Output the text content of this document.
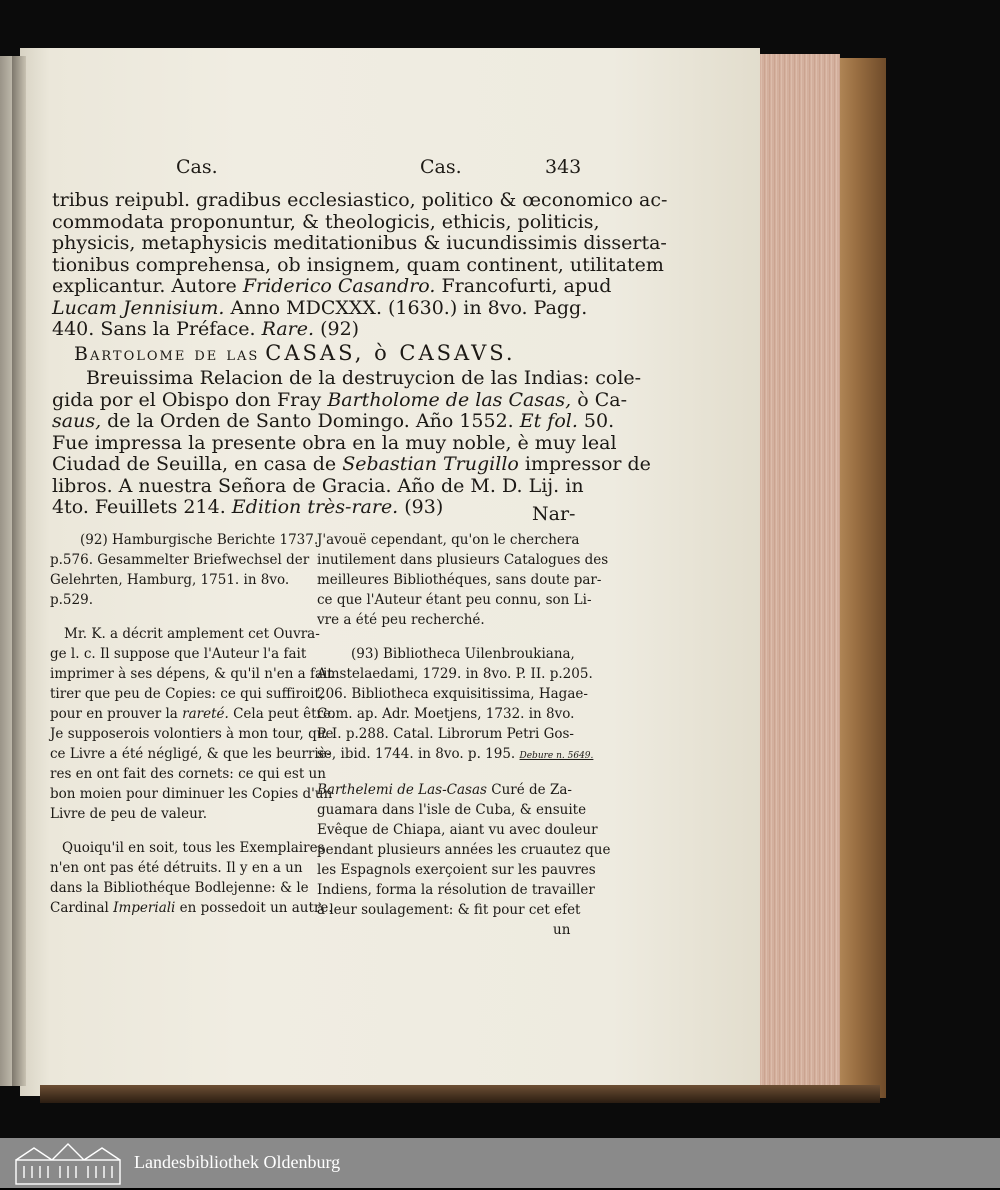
Cas.	Cas.	343
tribus reipubl. gradibus ecclesiastico, politico & œconomico ac-
commodata proponuntur, & theologicis, ethicis, politicis,
physicis, metaphysicis meditationibus & iucundissimis disserta-
tionibus comprehensa, ob insignem, quam continent, utilitatem
explicantur. Autore Friderico Casandro. Francofurti, apud
Lucam Jennisium. Anno MDCXXX. (1630.) in 8vo. Pagg.
440. Sans la Préface. Rare. (92)
Bartolome de las CASAS, ò CASAVS.
Breuissima Relacion de la destruycion de las Indias: cole-
gida por el Obispo don Fray Bartholome de las Casas, ò Ca-
saus, de la Orden de Santo Domingo. Año 1552. Et fol. 50.
Fue impressa la presente obra en la muy noble, è muy leal
Ciudad de Seuilla, en casa de Sebastian Trugillo impressor de
libros. A nuestra Señora de Gracia. Año de M. D. Lij. in
4to. Feuillets 214. Edition très-rare. (93)	Nar-

(92) Hamburgische Berichte 1737.
p.576. Gesammelter Briefwechsel der
Gelehrten, Hamburg, 1751. in 8vo.
p.529.

Mr. K. a décrit amplement cet Ouvra-
ge l. c. Il suppose que l'Auteur l'a fait
imprimer à ses dépens, & qu'il n'en a fait
tirer que peu de Copies: ce qui suffiroit,
pour en prouver la rareté. Cela peut être.
Je supposerois volontiers à mon tour, que
ce Livre a été négligé, & que les beurriè-
res en ont fait des cornets: ce qui est un
bon moien pour diminuer les Copies d'un
Livre de peu de valeur.

Quoiqu'il en soit, tous les Exemplaires
n'en ont pas été détruits. Il y en a un
dans la Bibliothéque Bodlejenne: & le
Cardinal Imperiali en possedoit un autre.

J'avouë cependant, qu'on le cherchera
inutilement dans plusieurs Catalogues des
meilleures Bibliothéques, sans doute par-
ce que l'Auteur étant peu connu, son Li-
vre a été peu recherché.

(93) Bibliotheca Uilenbroukiana,
Amstelaedami, 1729. in 8vo. P. II. p.205.
206. Bibliotheca exquisitissima, Hagae-
Com. ap. Adr. Moetjens, 1732. in 8vo.
P. I. p.288. Catal. Librorum Petri Gos-
se, ibid. 1744. in 8vo. p. 195. Debure n. 5649.

Barthelemi de Las-Casas Curé de Za-
guamara dans l'isle de Cuba, & ensuite
Evêque de Chiapa, aiant vu avec douleur
pendant plusieurs années les cruautez que
les Espagnols exerçoient sur les pauvres
Indiens, forma la résolution de travailler
à leur soulagement: & fit pour cet efet
un

Landesbibliothek Oldenburg
